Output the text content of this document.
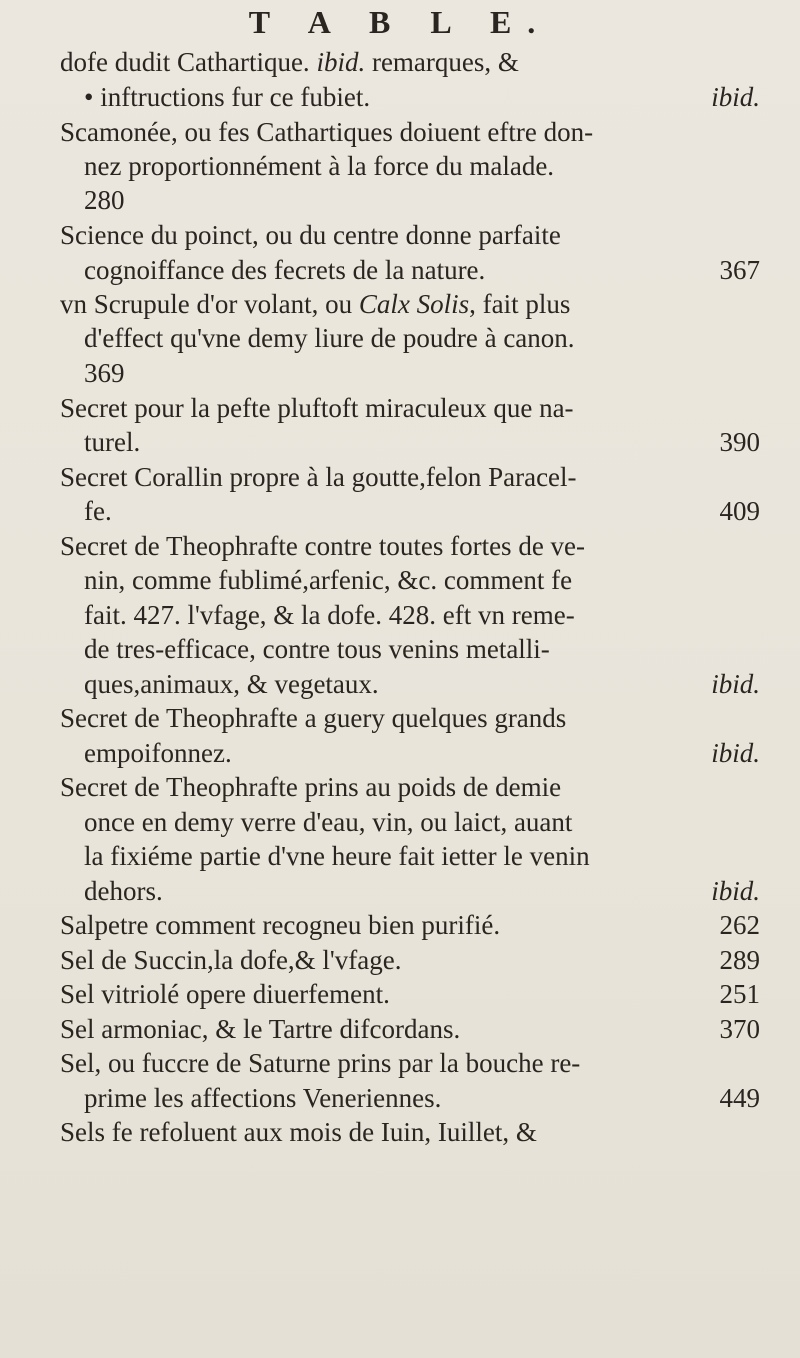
T A B L E.
dofe dudit Cathartique. ibid. remarques, &
• inftructions fur ce fubiet.	ibid.
Scamonée, ou fes Cathartiques doiuent eftre don-
nez proportionnément à la force du malade.
280
Science du poinct, ou du centre donne parfaite
cognoiffance des fecrets de la nature.	367
vn Scrupule d'or volant, ou Calx Solis, fait plus
d'effect qu'vne demy liure de poudre à canon.
369
Secret pour la pefte pluftoft miraculeux que na-
turel.	390
Secret Corallin propre à la goutte,felon Paracel-
fe.	409
Secret de Theophrafte contre toutes fortes de ve-
nin, comme fublimé,arfenic, &c. comment fe
fait. 427. l'vfage, & la dofe. 428. eft vn reme-
de tres-efficace, contre tous venins metalli-
ques,animaux, & vegetaux.	ibid.
Secret de Theophrafte a guery quelques grands
empoifonnez.	ibid.
Secret de Theophrafte prins au poids de demie
once en demy verre d'eau, vin, ou laict, auant
la fixiéme partie d'vne heure fait ietter le venin
dehors.	ibid.
Salpetre comment recogneu bien purifié.	262
Sel de Succin,la dofe,& l'vfage.	289
Sel vitriolé opere diuerfement.	251
Sel armoniac, & le Tartre difcordans.	370
Sel, ou fuccre de Saturne prins par la bouche re-
prime les affections Veneriennes.	449
Sels fe refoluent aux mois de Iuin, Iuillet, &
